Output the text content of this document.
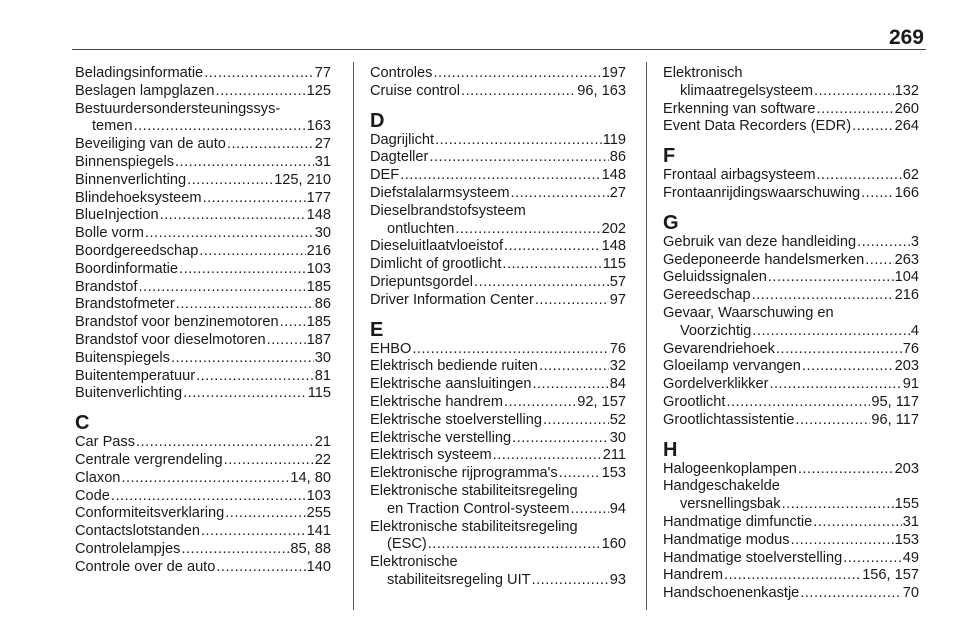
269
Beladingsinformatie .....	77
Beslagen lampglazen .....	125
Bestuurdersondersteuningssys-
temen .....	163
Beveiliging van de auto .....	27
Binnenspiegels .....	31
Binnenverlichting .....	125, 210
Blindehoeksysteem .....	177
BlueInjection .....	148
Bolle vorm .....	30
Boordgereedschap .....	216
Boordinformatie .....	103
Brandstof .....	185
Brandstofmeter .....	86
Brandstof voor benzinemotoren ..... 185
Brandstof voor dieselmotoren .....	187
Buitenspiegels .....	30
Buitentemperatuur .....	81
Buitenverlichting .....	115
C
Car Pass .....	21
Centrale vergrendeling .....	22
Claxon .....	14, 80
Code .....	103
Conformiteitsverklaring .....	255
Contactslotstanden .....	141
Controlelampjes .....	85, 88
Controle over de auto .....	140
Controles .....	197
Cruise control .....	96, 163
D
Dagrijlicht .....	119
Dagteller .....	86
DEF .....	148
Diefstalalarmsysteem .....	27
Dieselbrandstofsysteem
ontluchten .....	202
Dieseluitlaatvloeistof .....	148
Dimlicht of grootlicht .....	115
Driepuntsgordel .....	57
Driver Information Center .....	97
E
EHBO .....	76
Elektrisch bediende ruiten .....	32
Elektrische aansluitingen .....	84
Elektrische handrem .....	92, 157
Elektrische stoelverstelling .....	52
Elektrische verstelling .....	30
Elektrisch systeem .....	211
Elektronische rijprogramma's .....	153
Elektronische stabiliteitsregeling
en Traction Control-systeem .....	94
Elektronische stabiliteitsregeling
(ESC) .....	160
Elektronische
stabiliteitsregeling UIT .....	93
Elektronisch
klimaatregelsysteem .....	132
Erkenning van software .....	260
Event Data Recorders (EDR) .....	264
F
Frontaal airbagsysteem .....	62
Frontaanrijdingswaarschuwing ..... 166
G
Gebruik van deze handleiding .....	3
Gedeponeerde handelsmerken ..... 263
Geluidssignalen .....	104
Gereedschap .....	216
Gevaar, Waarschuwing en
Voorzichtig .....	4
Gevarendriehoek .....	76
Gloeilamp vervangen .....	203
Gordelverklikker .....	91
Grootlicht .....	95, 117
Grootlichtassistentie .....	96, 117
H
Halogeenkoplampen .....	203
Handgeschakelde
versnellingsbak .....	155
Handmatige dimfunctie .....	31
Handmatige modus .....	153
Handmatige stoelverstelling .....	49
Handrem .....	156, 157
Handschoenenkastje .....	70
